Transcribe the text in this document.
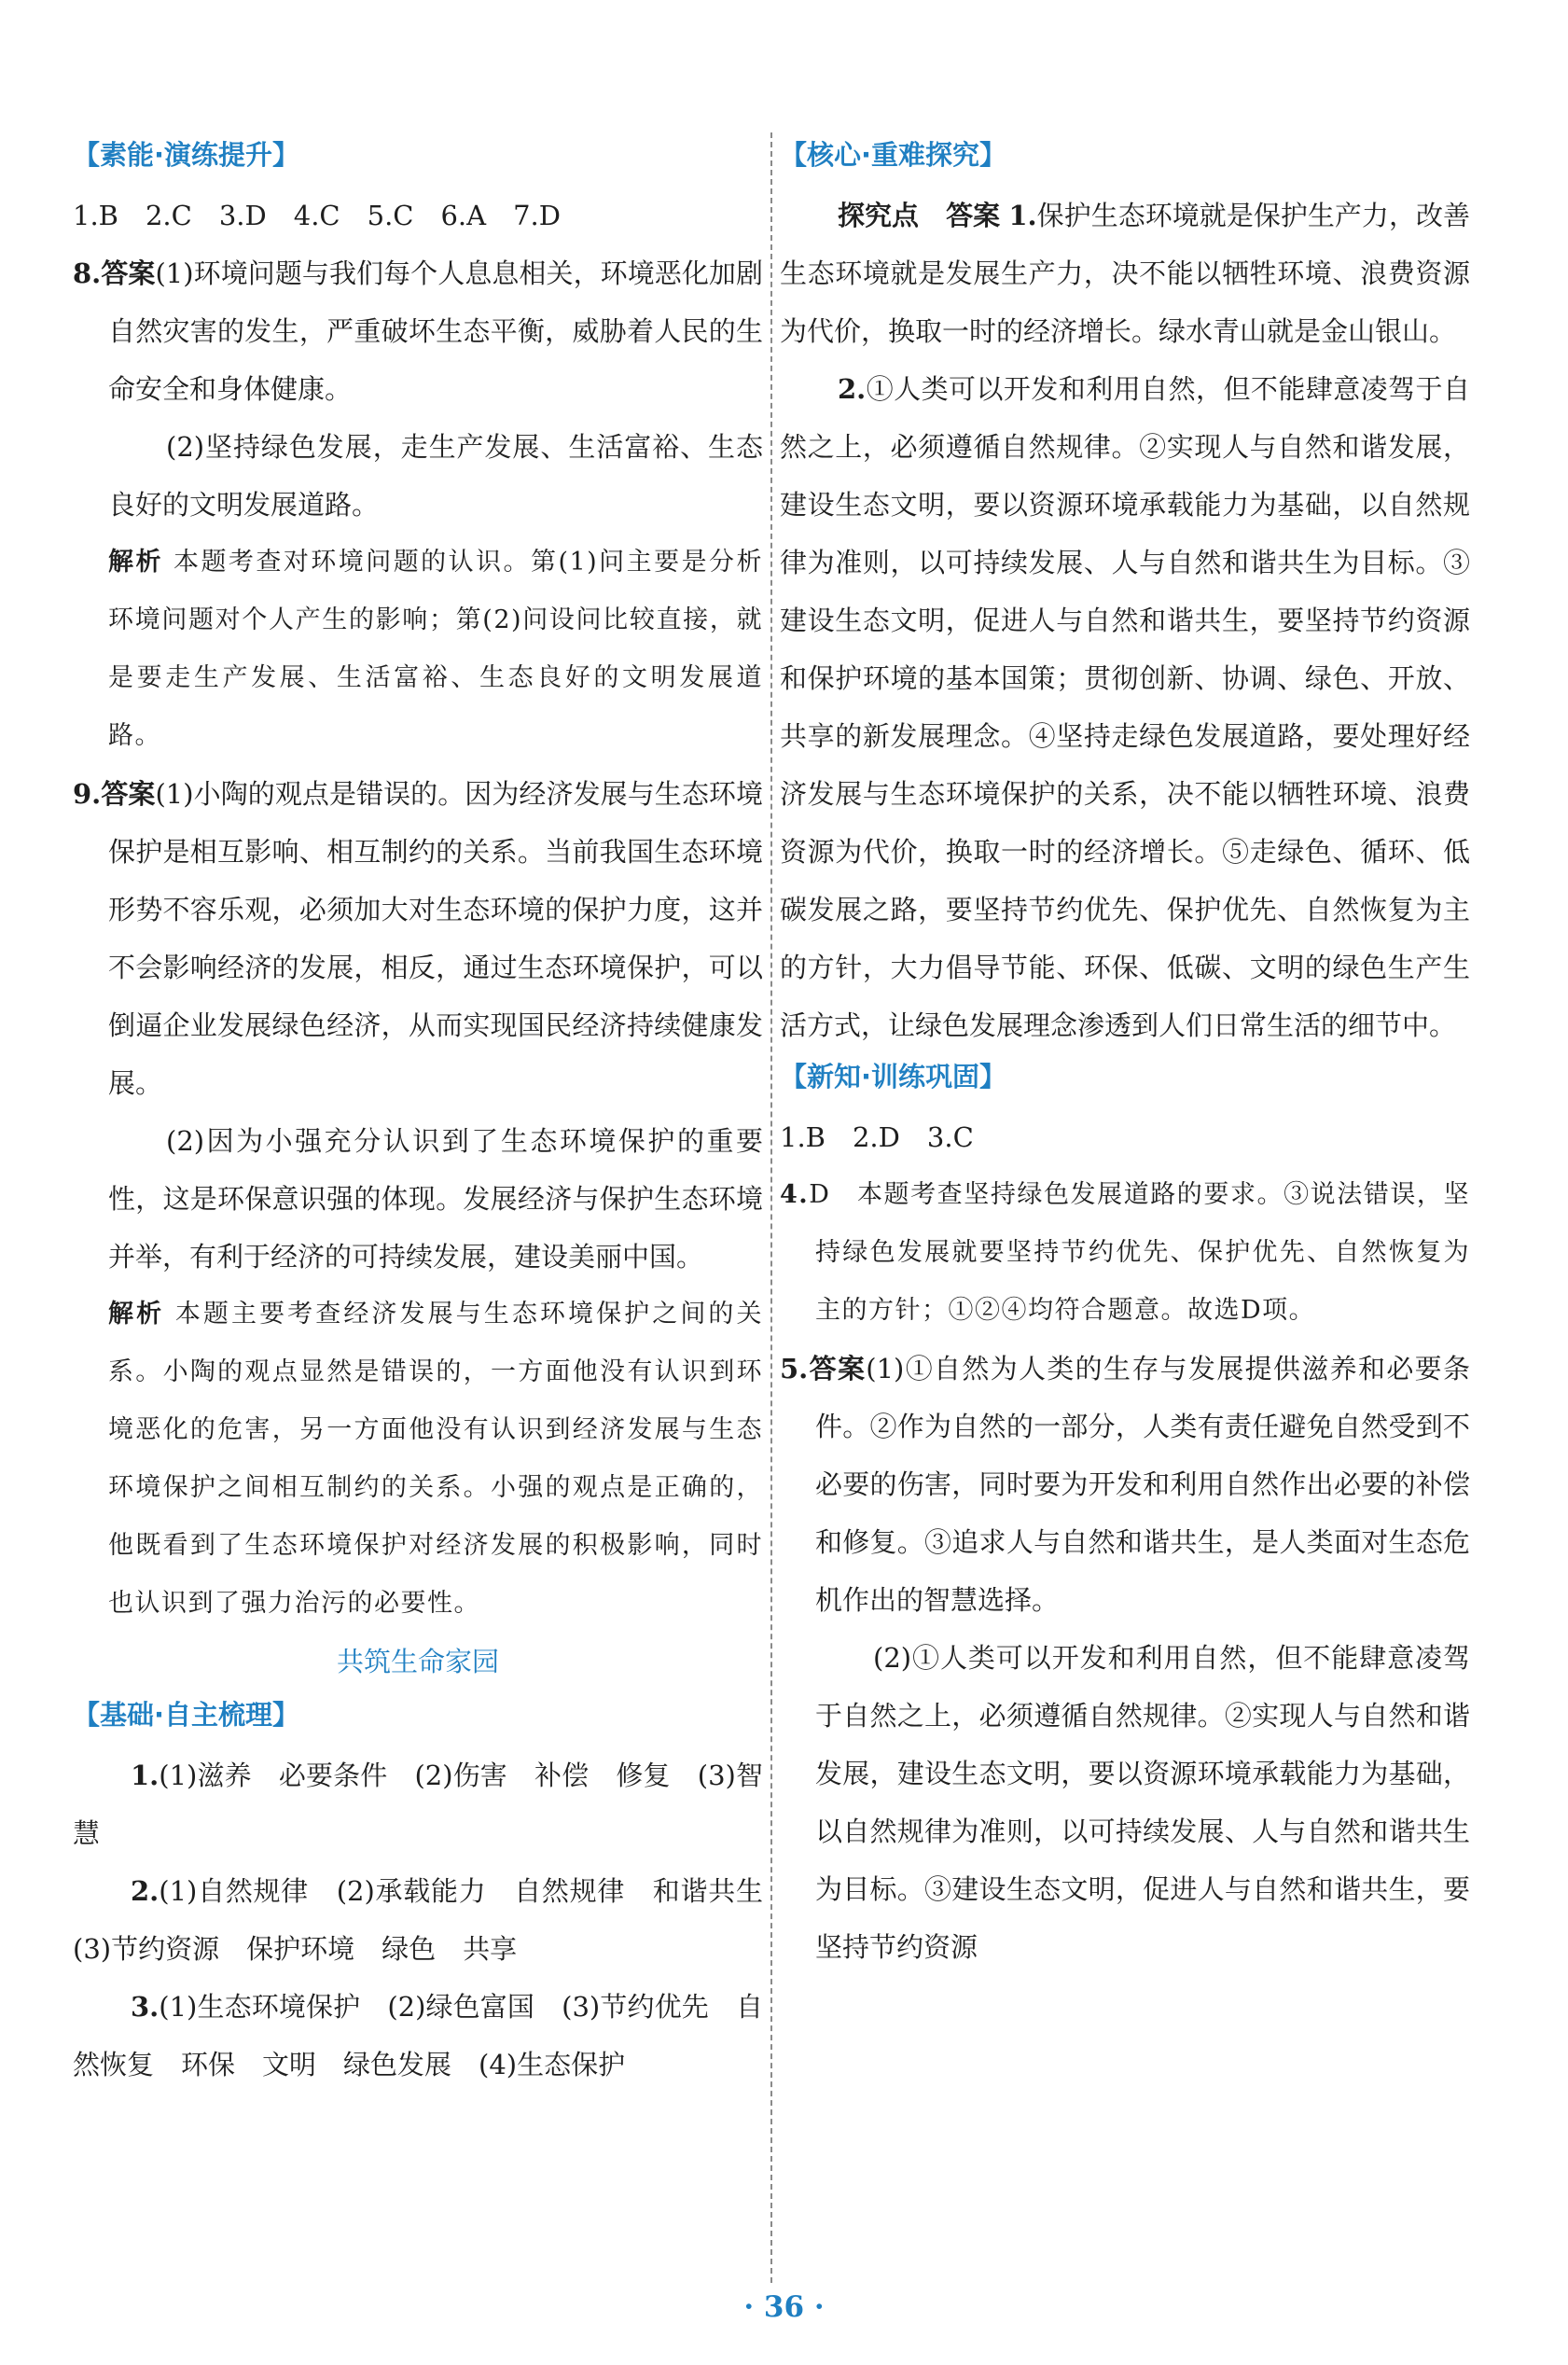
【素能·演练提升】

1.B　2.C　3.D　4.C　5.C　6.A　7.D

8.答案(1)环境问题与我们每个人息息相关，环境恶化加剧自然灾害的发生，严重破坏生态平衡，威胁着人民的生命安全和身体健康。

(2)坚持绿色发展，走生产发展、生活富裕、生态良好的文明发展道路。

解析 本题考查对环境问题的认识。第(1)问主要是分析环境问题对个人产生的影响；第(2)问设问比较直接，就是要走生产发展、生活富裕、生态良好的文明发展道路。

9.答案(1)小陶的观点是错误的。因为经济发展与生态环境保护是相互影响、相互制约的关系。当前我国生态环境形势不容乐观，必须加大对生态环境的保护力度，这并不会影响经济的发展，相反，通过生态环境保护，可以倒逼企业发展绿色经济，从而实现国民经济持续健康发展。

(2)因为小强充分认识到了生态环境保护的重要性，这是环保意识强的体现。发展经济与保护生态环境并举，有利于经济的可持续发展，建设美丽中国。

解析 本题主要考查经济发展与生态环境保护之间的关系。小陶的观点显然是错误的，一方面他没有认识到环境恶化的危害，另一方面他没有认识到经济发展与生态环境保护之间相互制约的关系。小强的观点是正确的，他既看到了生态环境保护对经济发展的积极影响，同时也认识到了强力治污的必要性。

共筑生命家园
【基础·自主梳理】

1.(1)滋养　必要条件　(2)伤害　补偿　修复　(3)智慧

2.(1)自然规律　(2)承载能力　自然规律　和谐共生　(3)节约资源　保护环境　绿色　共享

3.(1)生态环境保护　(2)绿色富国　(3)节约优先　自然恢复　环保　文明　绿色发展　(4)生态保护

【核心·重难探究】

探究点　答案 1.保护生态环境就是保护生产力，改善生态环境就是发展生产力，决不能以牺牲环境、浪费资源为代价，换取一时的经济增长。绿水青山就是金山银山。

2.①人类可以开发和利用自然，但不能肆意凌驾于自然之上，必须遵循自然规律。②实现人与自然和谐发展，建设生态文明，要以资源环境承载能力为基础，以自然规律为准则，以可持续发展、人与自然和谐共生为目标。③建设生态文明，促进人与自然和谐共生，要坚持节约资源和保护环境的基本国策；贯彻创新、协调、绿色、开放、共享的新发展理念。④坚持走绿色发展道路，要处理好经济发展与生态环境保护的关系，决不能以牺牲环境、浪费资源为代价，换取一时的经济增长。⑤走绿色、循环、低碳发展之路，要坚持节约优先、保护优先、自然恢复为主的方针，大力倡导节能、环保、低碳、文明的绿色生产生活方式，让绿色发展理念渗透到人们日常生活的细节中。

【新知·训练巩固】

1.B　2.D　3.C

4.D　本题考查坚持绿色发展道路的要求。③说法错误，坚持绿色发展就要坚持节约优先、保护优先、自然恢复为主的方针；①②④均符合题意。故选D项。

5.答案(1)①自然为人类的生存与发展提供滋养和必要条件。②作为自然的一部分，人类有责任避免自然受到不必要的伤害，同时要为开发和利用自然作出必要的补偿和修复。③追求人与自然和谐共生，是人类面对生态危机作出的智慧选择。

(2)①人类可以开发和利用自然，但不能肆意凌驾于自然之上，必须遵循自然规律。②实现人与自然和谐发展，建设生态文明，要以资源环境承载能力为基础，以自然规律为准则，以可持续发展、人与自然和谐共生为目标。③建设生态文明，促进人与自然和谐共生，要坚持节约资源

· 36 ·
